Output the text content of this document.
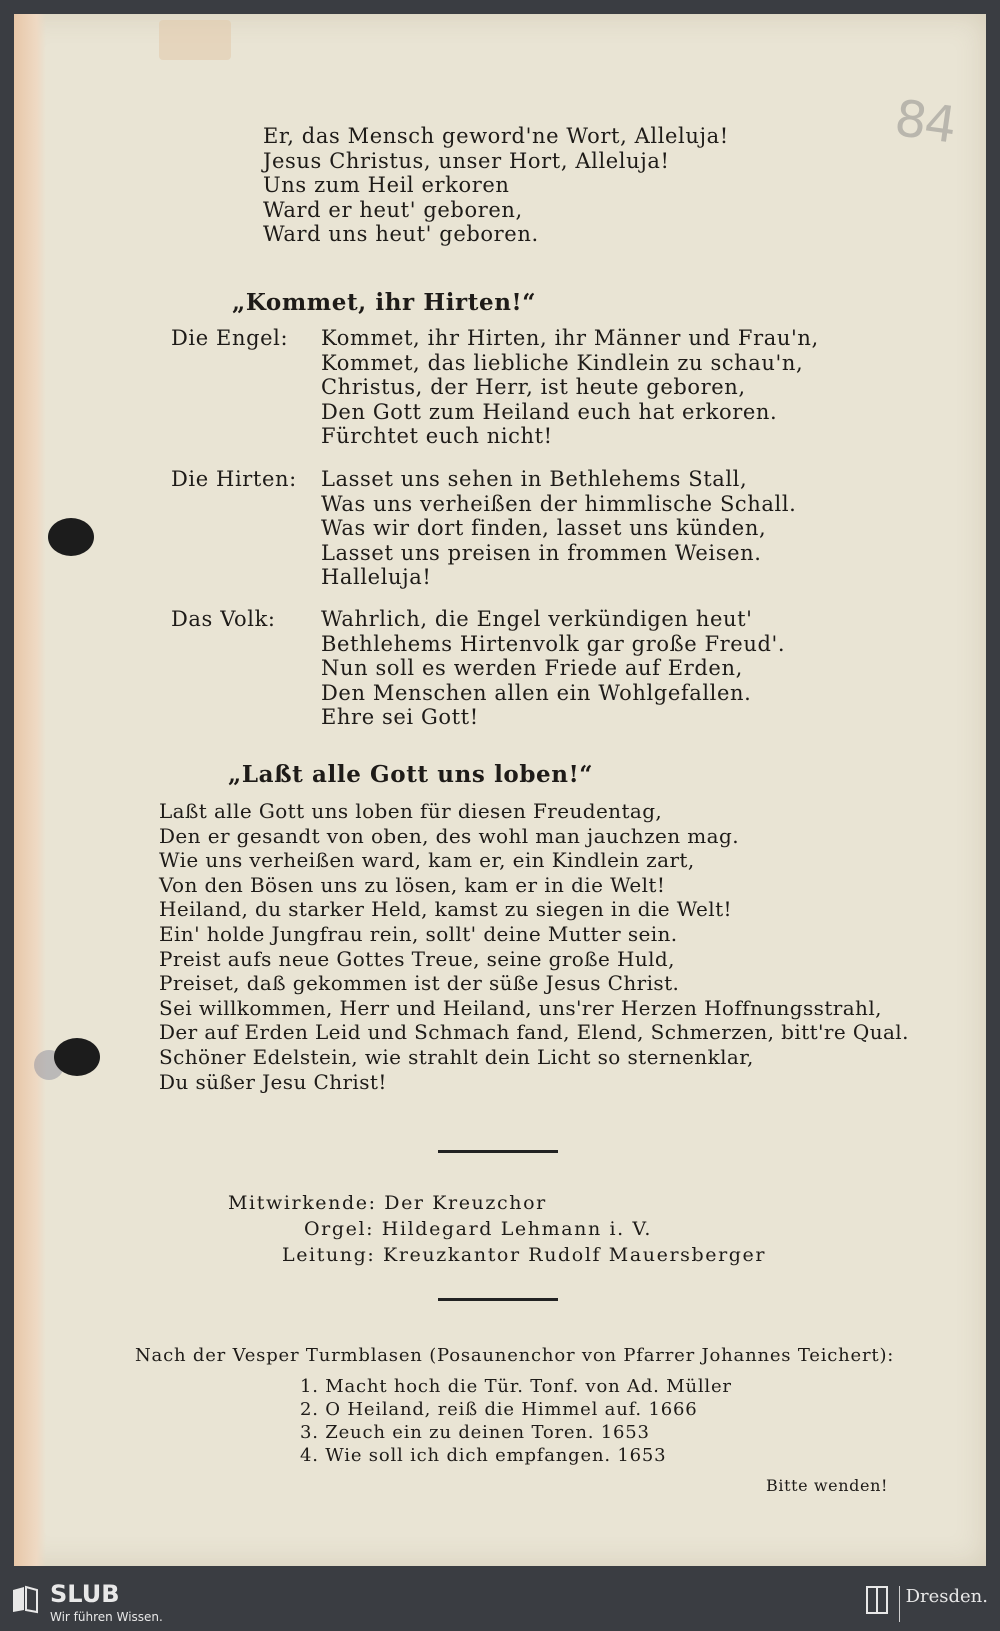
84
Er, das Mensch geword'ne Wort, Alleluja!
Jesus Christus, unser Hort, Alleluja!
Uns zum Heil erkoren
Ward er heut' geboren,
Ward uns heut' geboren.
„Kommet, ihr Hirten!“
Die Engel: Kommet, ihr Hirten, ihr Männer und Frau'n,
Kommet, das liebliche Kindlein zu schau'n,
Christus, der Herr, ist heute geboren,
Den Gott zum Heiland euch hat erkoren.
Fürchtet euch nicht!
Die Hirten: Lasset uns sehen in Bethlehems Stall,
Was uns verheißen der himmlische Schall.
Was wir dort finden, lasset uns künden,
Lasset uns preisen in frommen Weisen.
Halleluja!
Das Volk: Wahrlich, die Engel verkündigen heut'
Bethlehems Hirtenvolk gar große Freud'.
Nun soll es werden Friede auf Erden,
Den Menschen allen ein Wohlgefallen.
Ehre sei Gott!
„Laßt alle Gott uns loben!“
Laßt alle Gott uns loben für diesen Freudentag,
Den er gesandt von oben, des wohl man jauchzen mag.
Wie uns verheißen ward, kam er, ein Kindlein zart,
Von den Bösen uns zu lösen, kam er in die Welt!
Heiland, du starker Held, kamst zu siegen in die Welt!
Ein' holde Jungfrau rein, sollt' deine Mutter sein.
Preist aufs neue Gottes Treue, seine große Huld,
Preiset, daß gekommen ist der süße Jesus Christ.
Sei willkommen, Herr und Heiland, uns'rer Herzen Hoffnungsstrahl,
Der auf Erden Leid und Schmach fand, Elend, Schmerzen, bitt're Qual.
Schöner Edelstein, wie strahlt dein Licht so sternenklar,
Du süßer Jesu Christ!
Mitwirkende: Der Kreuzchor
Orgel: Hildegard Lehmann i. V.
Leitung: Kreuzkantor Rudolf Mauersberger
Nach der Vesper Turmblasen (Posaunenchor von Pfarrer Johannes Teichert):
1. Macht hoch die Tür. Tonf. von Ad. Müller
2. O Heiland, reiß die Himmel auf. 1666
3. Zeuch ein zu deinen Toren. 1653
4. Wie soll ich dich empfangen. 1653
Bitte wenden!
SLUB
Wir führen Wissen.
Dresden.
